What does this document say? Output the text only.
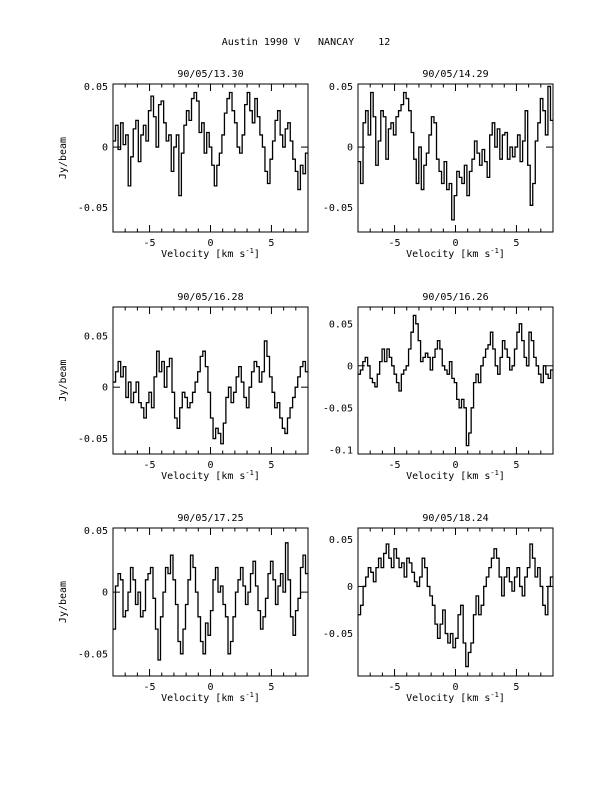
Austin 1990 V   NANCAY    12
-5	0	5
-0.05
0
0.05
90/05/13.30
Velocity [km $s^{-1}$]
Jy/beam
-5	0	5
-0.05
0
0.05
90/05/14.29
Velocity [km $s^{-1}$]
-5	0	5
-0.05
0
0.05
90/05/16.28
Velocity [km $s^{-1}$]
Jy/beam
-5	0	5
-0.1
-0.05
0
0.05
90/05/16.26
Velocity [km $s^{-1}$]
-5	0	5
-0.05
0
0.05
90/05/17.25
Velocity [km $s^{-1}$]
Jy/beam
-5	0	5
-0.05
0
0.05
90/05/18.24
Velocity [km $s^{-1}$]
